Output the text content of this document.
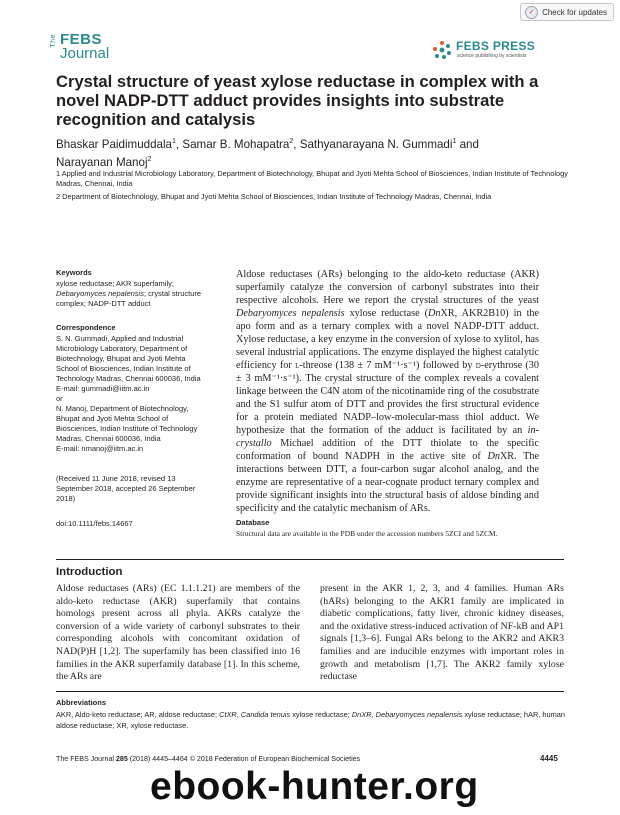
✓ Check for updates
The FEBS
Journal	FEBS PRESS
science publishing by scientists
Crystal structure of yeast xylose reductase in complex with a novel NADP-DTT adduct provides insights into substrate recognition and catalysis
Bhaskar Paidimuddala$^1$, Samar B. Mohapatra$^2$, Sathyanarayana N. Gummadi$^1$ and
Narayanan Manoj$^2$
1 Applied and Industrial Microbiology Laboratory, Department of Biotechnology, Bhupat and Jyoti Mehta School of Biosciences, Indian Institute of Technology Madras, Chennai, India
2 Department of Biotechnology, Bhupat and Jyoti Mehta School of Biosciences, Indian Institute of Technology Madras, Chennai, India
Keywords
xylose reductase; AKR superfamily;
Debaryomyces nepalensis; crystal structure complex; NADP-DTT adduct
Correspondence
S. N. Gummadi, Applied and Industrial
Microbiology Laboratory, Department of
Biotechnology, Bhupat and Jyoti Mehta
School of Biosciences, Indian Institute of
Technology Madras, Chennai 600036, India
E-mail: gummadi@iitm.ac.in
or
N. Manoj, Department of Biotechnology,
Bhupat and Jyoti Mehta School of
Biosciences, Indian Institute of Technology
Madras, Chennai 600036, India
E-mail: nmanoj@iitm.ac.in
(Received 11 June 2018, revised 13
September 2018, accepted 26 September
2018)
doi:10.1111/febs.14667
Aldose reductases (ARs) belonging to the aldo-keto reductase (AKR) superfamily catalyze the conversion of carbonyl substrates into their respective alcohols. Here we report the crystal structures of the yeast Debaryomyces nepalensis xylose reductase (DnXR, AKR2B10) in the apo form and as a ternary complex with a novel NADP-DTT adduct. Xylose reductase, a key enzyme in the conversion of xylose to xylitol, has several industrial applications. The enzyme displayed the highest catalytic efficiency for l-threose (138 ± 7 mM⁻¹·s⁻¹) followed by d-erythrose (30 ± 3 mM⁻¹·s⁻¹). The crystal structure of the complex reveals a covalent linkage between the C4N atom of the nicotinamide ring of the cosubstrate and the S1 sulfur atom of DTT and provides the first structural evidence for a protein mediated NADP–low-molecular-mass thiol adduct. We hypothesize that the formation of the adduct is facilitated by an in-crystallo Michael addition of the DTT thiolate to the specific conformation of bound NADPH in the active site of DnXR. The interactions between DTT, a four-carbon sugar alcohol analog, and the enzyme are representative of a near-cognate product ternary complex and provide significant insights into the structural basis of aldose binding and specificity and the catalytic mechanism of ARs.
Database
Structural data are available in the PDB under the accession numbers 5ZCI and 5ZCM.
Introduction
Aldose reductases (ARs) (EC 1.1.1.21) are members of the aldo-keto reductase (AKR) superfamily that contains homologs present across all phyla. AKRs catalyze the conversion of a wide variety of carbonyl substrates to their corresponding alcohols with concomitant oxidation of NAD(P)H [1,2]. The superfamily has been classified into 16 families in the AKR superfamily database [1]. In this scheme, the ARs are
present in the AKR 1, 2, 3, and 4 families. Human ARs (hARs) belonging to the AKR1 family are implicated in diabetic complications, fatty liver, chronic kidney diseases, and the oxidative stress-induced activation of NF-kB and AP1 signals [1,3–6]. Fungal ARs belong to the AKR2 and AKR3 families and are inducible enzymes with important roles in growth and metabolism [1,7]. The AKR2 family xylose reductase
Abbreviations
AKR, Aldo-keto reductase; AR, aldose reductase; CtXR, Candida tenuis xylose reductase; DnXR, Debaryomyces nepalensis xylose reductase; hAR, human aldose reductase; XR, xylose reductase.
The FEBS Journal 285 (2018) 4445–4464 © 2018 Federation of European Biochemical Societies	4445
ebook-hunter.org
